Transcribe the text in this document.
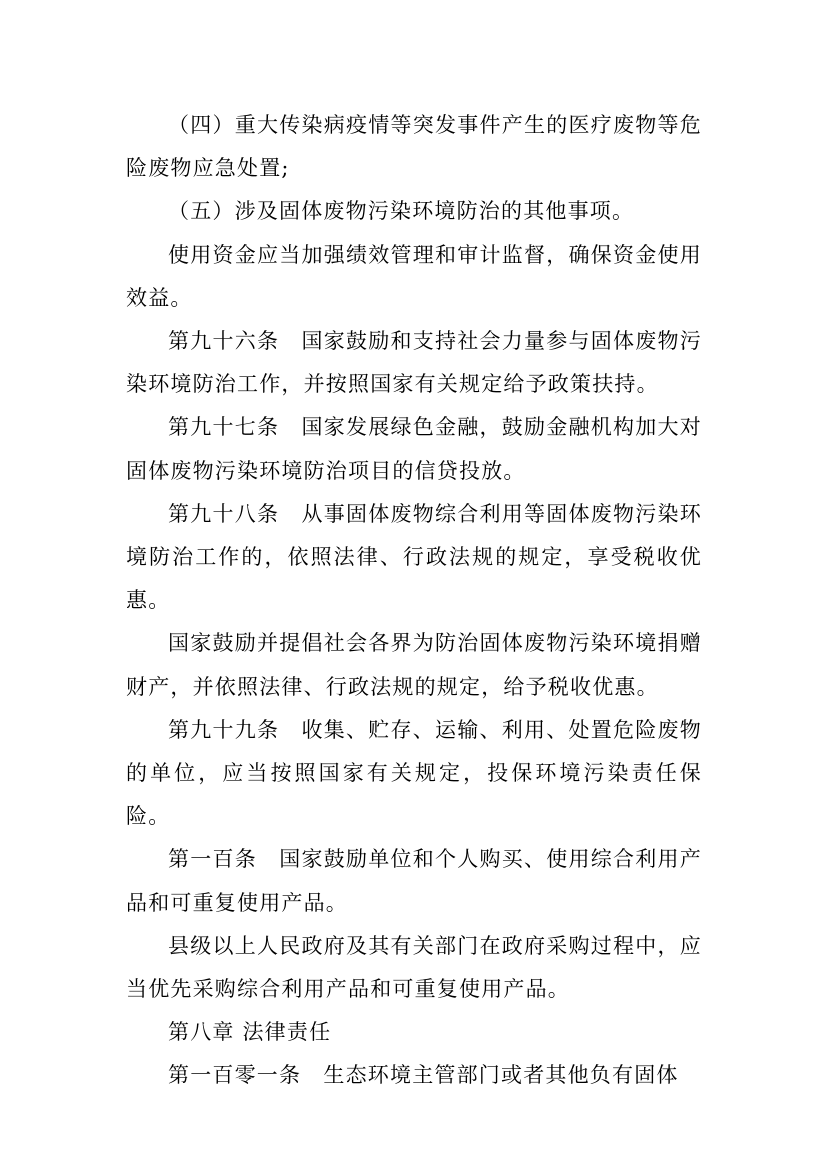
（四）重大传染病疫情等突发事件产生的医疗废物等危险废物应急处置;

（五）涉及固体废物污染环境防治的其他事项。

使用资金应当加强绩效管理和审计监督，确保资金使用效益。

第九十六条　国家鼓励和支持社会力量参与固体废物污染环境防治工作，并按照国家有关规定给予政策扶持。

第九十七条　国家发展绿色金融，鼓励金融机构加大对固体废物污染环境防治项目的信贷投放。

第九十八条　从事固体废物综合利用等固体废物污染环境防治工作的，依照法律、行政法规的规定，享受税收优惠。

国家鼓励并提倡社会各界为防治固体废物污染环境捐赠财产，并依照法律、行政法规的规定，给予税收优惠。

第九十九条　收集、贮存、运输、利用、处置危险废物的单位，应当按照国家有关规定，投保环境污染责任保险。

第一百条　国家鼓励单位和个人购买、使用综合利用产品和可重复使用产品。

县级以上人民政府及其有关部门在政府采购过程中，应当优先采购综合利用产品和可重复使用产品。

第八章 法律责任

第一百零一条　生态环境主管部门或者其他负有固体
